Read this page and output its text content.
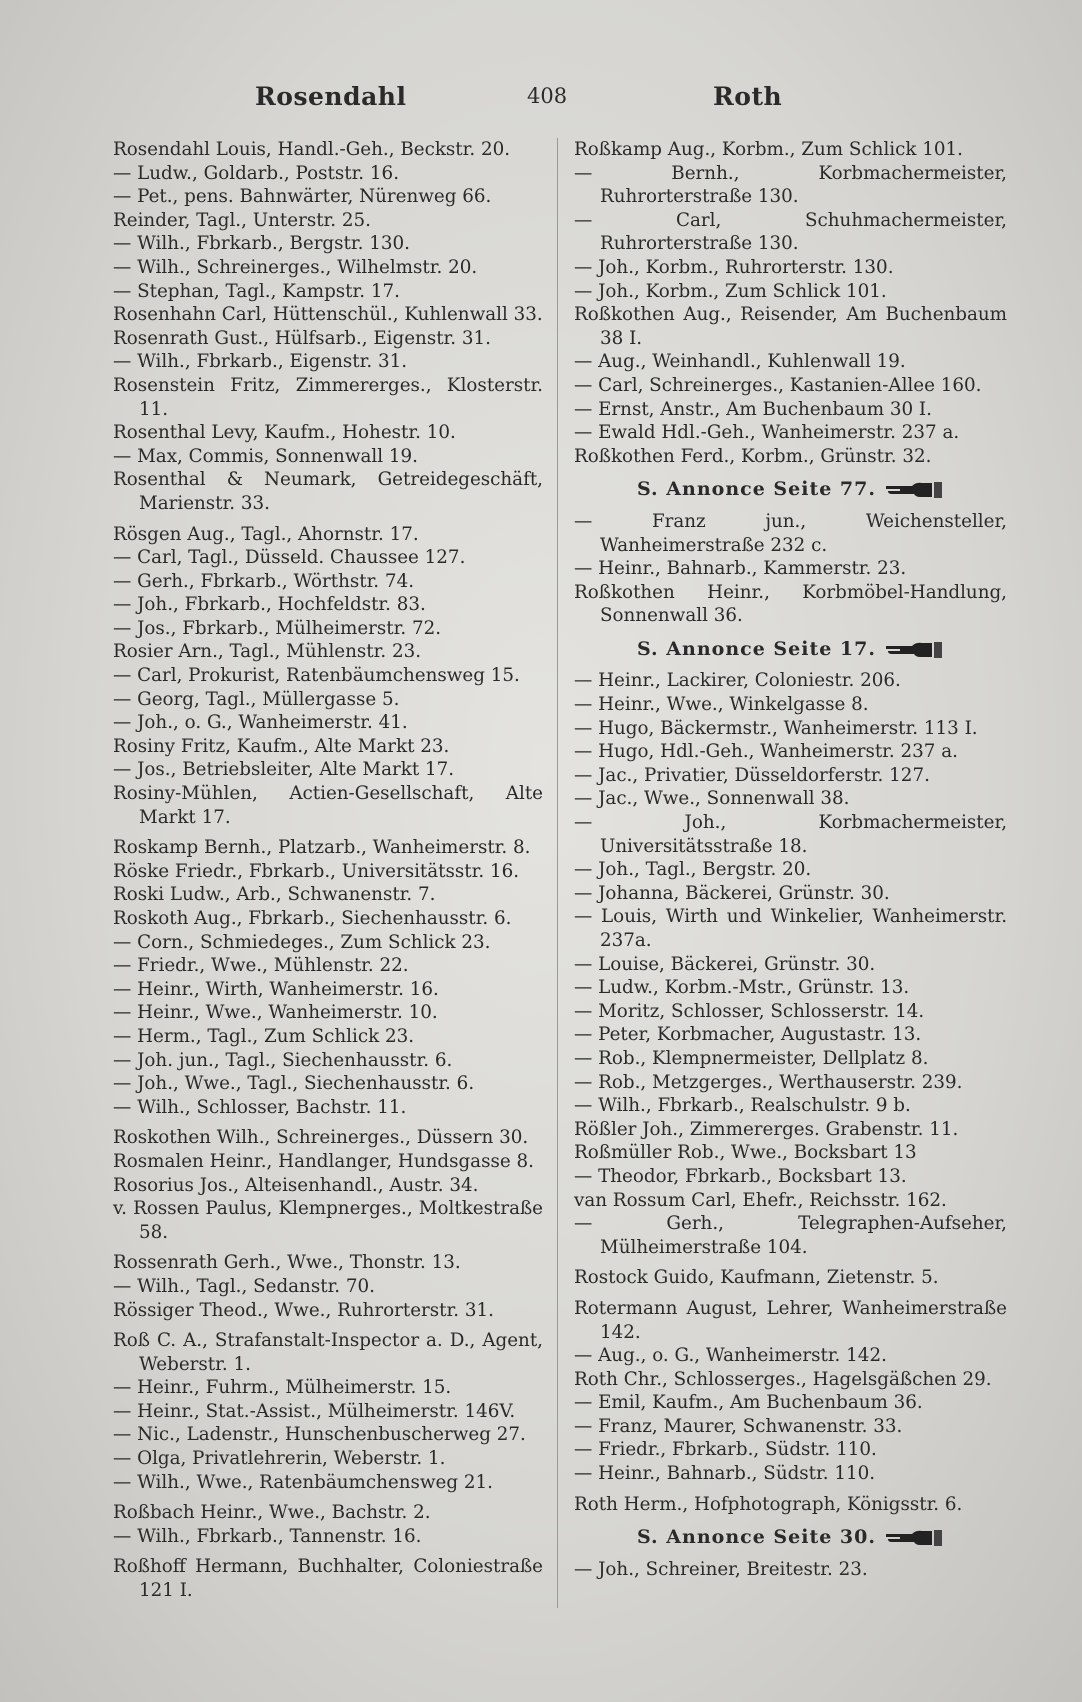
Rosendahl	408	Roth
Rosendahl Louis, Handl.-Geh., Beckstr. 20.
— Ludw., Goldarb., Poststr. 16.
— Pet., pens. Bahnwärter, Nürenweg 66.
Reinder, Tagl., Unterstr. 25.
— Wilh., Fbrkarb., Bergstr. 130.
— Wilh., Schreinerges., Wilhelmstr. 20.
— Stephan, Tagl., Kampstr. 17.
Rosenhahn Carl, Hüttenschül., Kuhlenwall 33.
Rosenrath Gust., Hülfsarb., Eigenstr. 31.
— Wilh., Fbrkarb., Eigenstr. 31.
Rosenstein Fritz, Zimmererges., Klosterstr. 11.
Rosenthal Levy, Kaufm., Hohestr. 10.
— Max, Commis, Sonnenwall 19.
Rosenthal & Neumark, Getreidegeschäft, Marienstr. 33.
Rösgen Aug., Tagl., Ahornstr. 17.
— Carl, Tagl., Düsseld. Chaussee 127.
— Gerh., Fbrkarb., Wörthstr. 74.
— Joh., Fbrkarb., Hochfeldstr. 83.
— Jos., Fbrkarb., Mülheimerstr. 72.
Rosier Arn., Tagl., Mühlenstr. 23.
— Carl, Prokurist, Ratenbäumchensweg 15.
— Georg, Tagl., Müllergasse 5.
— Joh., o. G., Wanheimerstr. 41.
Rosiny Fritz, Kaufm., Alte Markt 23.
— Jos., Betriebsleiter, Alte Markt 17.
Rosiny-Mühlen, Actien-Gesellschaft, Alte Markt 17.
Roskamp Bernh., Platzarb., Wanheimerstr. 8.
Röske Friedr., Fbrkarb., Universitätsstr. 16.
Roski Ludw., Arb., Schwanenstr. 7.
Roskoth Aug., Fbrkarb., Siechenhausstr. 6.
— Corn., Schmiedeges., Zum Schlick 23.
— Friedr., Wwe., Mühlenstr. 22.
— Heinr., Wirth, Wanheimerstr. 16.
— Heinr., Wwe., Wanheimerstr. 10.
— Herm., Tagl., Zum Schlick 23.
— Joh. jun., Tagl., Siechenhausstr. 6.
— Joh., Wwe., Tagl., Siechenhausstr. 6.
— Wilh., Schlosser, Bachstr. 11.
Roskothen Wilh., Schreinerges., Düssern 30.
Rosmalen Heinr., Handlanger, Hundsgasse 8.
Rosorius Jos., Alteisenhandl., Austr. 34.
v. Rossen Paulus, Klempnerges., Moltkestraße 58.
Rossenrath Gerh., Wwe., Thonstr. 13.
— Wilh., Tagl., Sedanstr. 70.
Rössiger Theod., Wwe., Ruhrorterstr. 31.
Roß C. A., Strafanstalt-Inspector a. D., Agent, Weberstr. 1.
— Heinr., Fuhrm., Mülheimerstr. 15.
— Heinr., Stat.-Assist., Mülheimerstr. 146V.
— Nic., Ladenstr., Hunschenbuscherweg 27.
— Olga, Privatlehrerin, Weberstr. 1.
— Wilh., Wwe., Ratenbäumchensweg 21.
Roßbach Heinr., Wwe., Bachstr. 2.
— Wilh., Fbrkarb., Tannenstr. 16.
Roßhoff Hermann, Buchhalter, Coloniestraße 121 I.
Roßkamp Aug., Korbm., Zum Schlick 101.
— Bernh., Korbmachermeister, Ruhrorterstraße 130.
— Carl, Schuhmachermeister, Ruhrorterstraße 130.
— Joh., Korbm., Ruhrorterstr. 130.
— Joh., Korbm., Zum Schlick 101.
Roßkothen Aug., Reisender, Am Buchenbaum 38 I.
— Aug., Weinhandl., Kuhlenwall 19.
— Carl, Schreinerges., Kastanien-Allee 160.
— Ernst, Anstr., Am Buchenbaum 30 I.
— Ewald Hdl.-Geh., Wanheimerstr. 237 a.
Roßkothen Ferd., Korbm., Grünstr. 32.
S. Annonce Seite 77.
— Franz jun., Weichensteller, Wanheimerstraße 232 c.
— Heinr., Bahnarb., Kammerstr. 23.
Roßkothen Heinr., Korbmöbel-Handlung, Sonnenwall 36.
S. Annonce Seite 17.
— Heinr., Lackirer, Coloniestr. 206.
— Heinr., Wwe., Winkelgasse 8.
— Hugo, Bäckermstr., Wanheimerstr. 113 I.
— Hugo, Hdl.-Geh., Wanheimerstr. 237 a.
— Jac., Privatier, Düsseldorferstr. 127.
— Jac., Wwe., Sonnenwall 38.
— Joh., Korbmachermeister, Universitätsstraße 18.
— Joh., Tagl., Bergstr. 20.
— Johanna, Bäckerei, Grünstr. 30.
— Louis, Wirth und Winkelier, Wanheimerstr. 237a.
— Louise, Bäckerei, Grünstr. 30.
— Ludw., Korbm.-Mstr., Grünstr. 13.
— Moritz, Schlosser, Schlosserstr. 14.
— Peter, Korbmacher, Augustastr. 13.
— Rob., Klempnermeister, Dellplatz 8.
— Rob., Metzgerges., Werthauserstr. 239.
— Wilh., Fbrkarb., Realschulstr. 9 b.
Rößler Joh., Zimmererges. Grabenstr. 11.
Roßmüller Rob., Wwe., Bocksbart 13
— Theodor, Fbrkarb., Bocksbart 13.
van Rossum Carl, Ehefr., Reichsstr. 162.
— Gerh., Telegraphen-Aufseher, Mülheimerstraße 104.
Rostock Guido, Kaufmann, Zietenstr. 5.
Rotermann August, Lehrer, Wanheimerstraße 142.
— Aug., o. G., Wanheimerstr. 142.
Roth Chr., Schlosserges., Hagelsgäßchen 29.
— Emil, Kaufm., Am Buchenbaum 36.
— Franz, Maurer, Schwanenstr. 33.
— Friedr., Fbrkarb., Südstr. 110.
— Heinr., Bahnarb., Südstr. 110.
Roth Herm., Hofphotograph, Königsstr. 6.
S. Annonce Seite 30.
— Joh., Schreiner, Breitestr. 23.
